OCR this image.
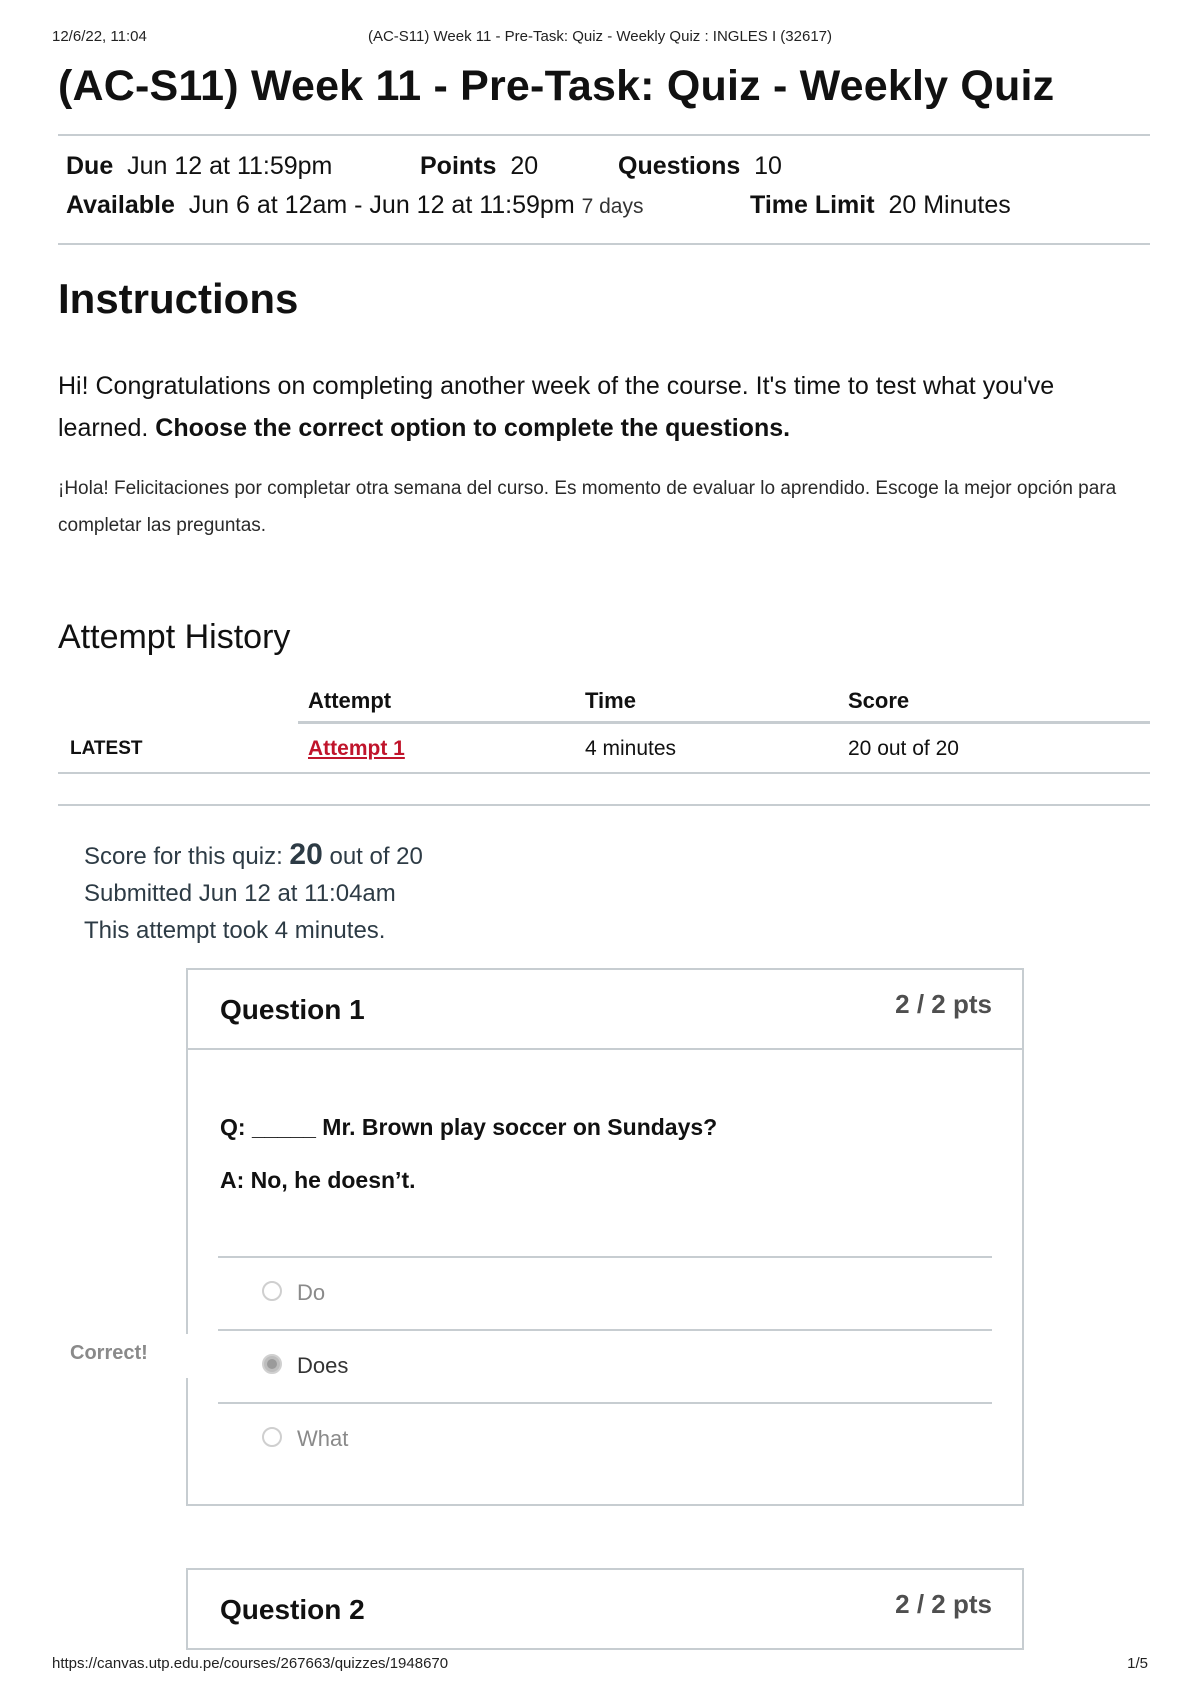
12/6/22, 11:04	(AC-S11) Week 11 - Pre-Task: Quiz - Weekly Quiz : INGLES I (32617)
(AC-S11) Week 11 - Pre-Task: Quiz - Weekly Quiz
Due Jun 12 at 11:59pm	Points 20	Questions 10
Available Jun 6 at 12am - Jun 12 at 11:59pm 7 days	Time Limit 20 Minutes
Instructions
Hi! Congratulations on completing another week of the course. It's time to test what you've learned. Choose the correct option to complete the questions.
¡Hola! Felicitaciones por completar otra semana del curso. Es momento de evaluar lo aprendido. Escoge la mejor opción para completar las preguntas.
Attempt History
Attempt	Time	Score
LATEST	Attempt 1	4 minutes	20 out of 20
Score for this quiz: 20 out of 20
Submitted Jun 12 at 11:04am
This attempt took 4 minutes.
Question 1	2 / 2 pts
Q: _____ Mr. Brown play soccer on Sundays?
A: No, he doesn’t.
Do
Does
What
Correct!
Question 2	2 / 2 pts
https://canvas.utp.edu.pe/courses/267663/quizzes/1948670	1/5
